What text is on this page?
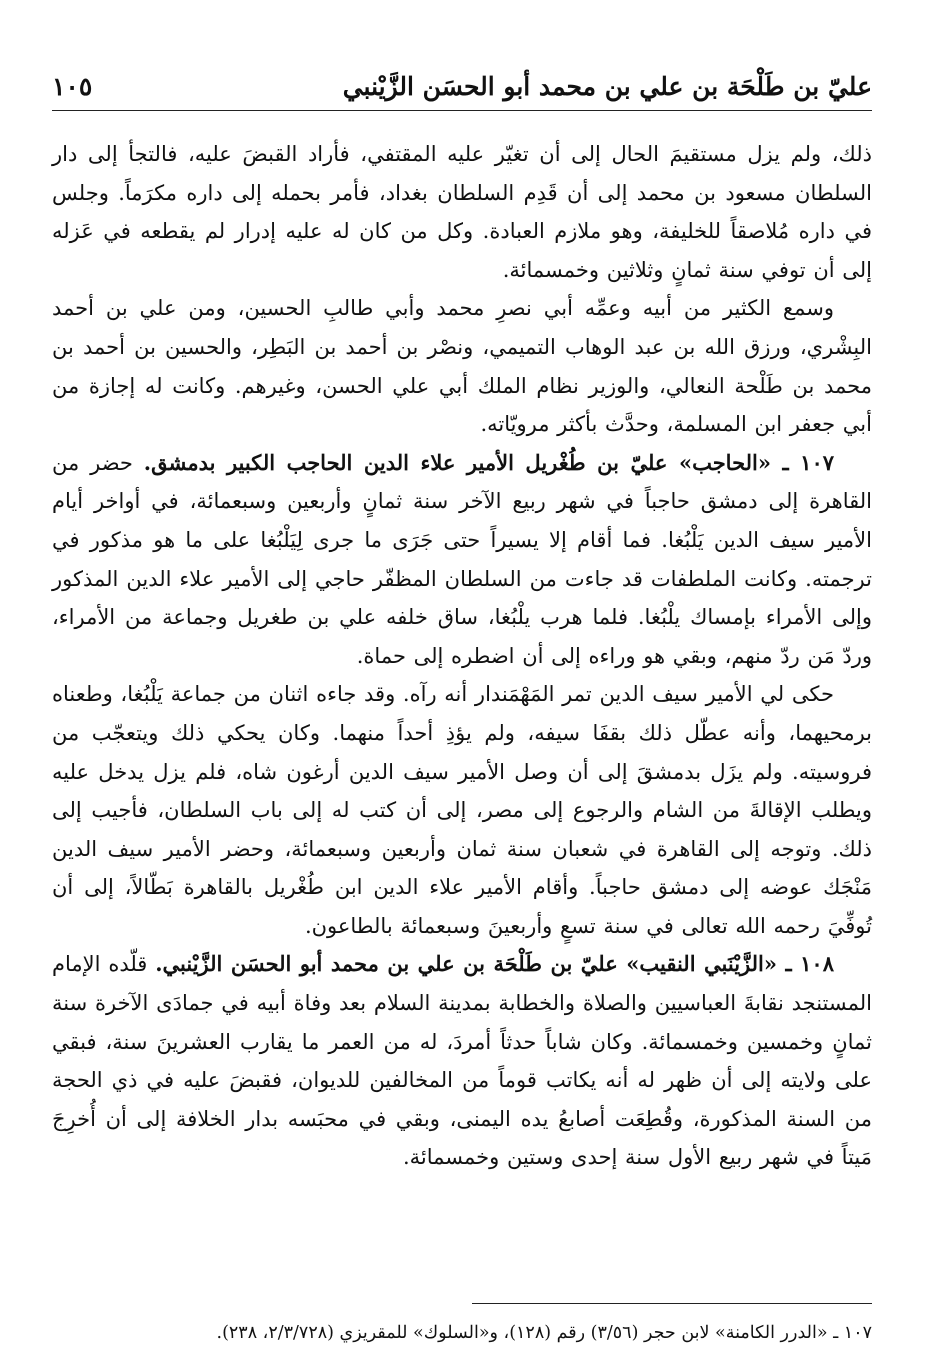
عليّ بن طَلْحَة بن علي بن محمد أبو الحسَن الزَّيْنبي
١٠٥

ذلك، ولم يزل مستقيمَ الحال إلى أن تغيّر عليه المقتفي، فأراد القبضَ عليه، فالتجأ إلى دار السلطان مسعود بن محمد إلى أن قَدِم السلطان بغداد، فأمر بحمله إلى داره مكرَماً. وجلس في داره مُلاصقاً للخليفة، وهو ملازم العبادة. وكل من كان له عليه إدرار لم يقطعه في عَزله إلى أن توفي سنة ثمانٍ وثلاثين وخمسمائة.

وسمع الكثير من أبيه وعمِّه أبي نصرِ محمد وأبي طالبِ الحسين، ومن علي بن أحمد البِشْري، ورزق الله بن عبد الوهاب التميمي، ونصْر بن أحمد بن البَطِر، والحسين بن أحمد بن محمد بن طَلْحة النعالي، والوزير نظام الملك أبي علي الحسن، وغيرهم. وكانت له إجازة من أبي جعفر ابن المسلمة، وحدَّث بأكثر مرويّاته.

١٠٧ ـ «الحاجب» عليّ بن طُغْريل الأمير علاء الدين الحاجب الكبير بدمشق. حضر من القاهرة إلى دمشق حاجباً في شهر ربيع الآخر سنة ثمانٍ وأربعين وسبعمائة، في أواخر أيام الأمير سيف الدين يَلْبُغا. فما أقام إلا يسيراً حتى جَرَى ما جرى لِيَلْبُغا على ما هو مذكور في ترجمته. وكانت الملطفات قد جاءت من السلطان المظفّر حاجي إلى الأمير علاء الدين المذكور وإلى الأمراء بإمساك يلْبُغا. فلما هرب يلْبُغا، ساق خلفه علي بن طغريل وجماعة من الأمراء، وردّ مَن ردّ منهم، وبقي هو وراءه إلى أن اضطره إلى حماة.

حكى لي الأمير سيف الدين تمر المَهْمَندار أنه رآه. وقد جاءه اثنان من جماعة يَلْبُغا، وطعناه برمحيهما، وأنه عطّل ذلك بقفَا سيفه، ولم يؤذِ أحداً منهما. وكان يحكي ذلك ويتعجّب من فروسيته. ولم يزَل بدمشقَ إلى أن وصل الأمير سيف الدين أرغون شاه، فلم يزل يدخل عليه ويطلب الإقالةَ من الشام والرجوع إلى مصر، إلى أن كتب له إلى باب السلطان، فأجيب إلى ذلك. وتوجه إلى القاهرة في شعبان سنة ثمان وأربعين وسبعمائة، وحضر الأمير سيف الدين مَنْجَك عوضه إلى دمشق حاجباً. وأقام الأمير علاء الدين ابن طُغْريل بالقاهرة بَطّالاً، إلى أن تُوفِّيَ رحمه الله تعالى في سنة تسعٍ وأربعينَ وسبعمائة بالطاعون.

١٠٨ ـ «الزَّيْنَبي النقيب» عليّ بن طَلْحَة بن علي بن محمد أبو الحسَن الزَّيْنبي. قلّده الإمام المستنجد نقابةَ العباسيين والصلاة والخطابة بمدينة السلام بعد وفاة أبيه في جمادَى الآخرة سنة ثمانٍ وخمسين وخمسمائة. وكان شاباً حدثاً أمردَ، له من العمر ما يقارب العشرينَ سنة، فبقي على ولايته إلى أن ظهر له أنه يكاتب قوماً من المخالفين للديوان، فقبضَ عليه في ذي الحجة من السنة المذكورة، وقُطِعَت أصابعُ يده اليمنى، وبقي في محبَسه بدار الخلافة إلى أن أُخرِجَ مَيتاً في شهر ربيع الأول سنة إحدى وستين وخمسمائة.

١٠٧ ـ «الدرر الكامنة» لابن حجر (٣/٥٦) رقم (١٢٨)، و«السلوك» للمقريزي (٢/٣/٧٢٨، ٢٣٨).
